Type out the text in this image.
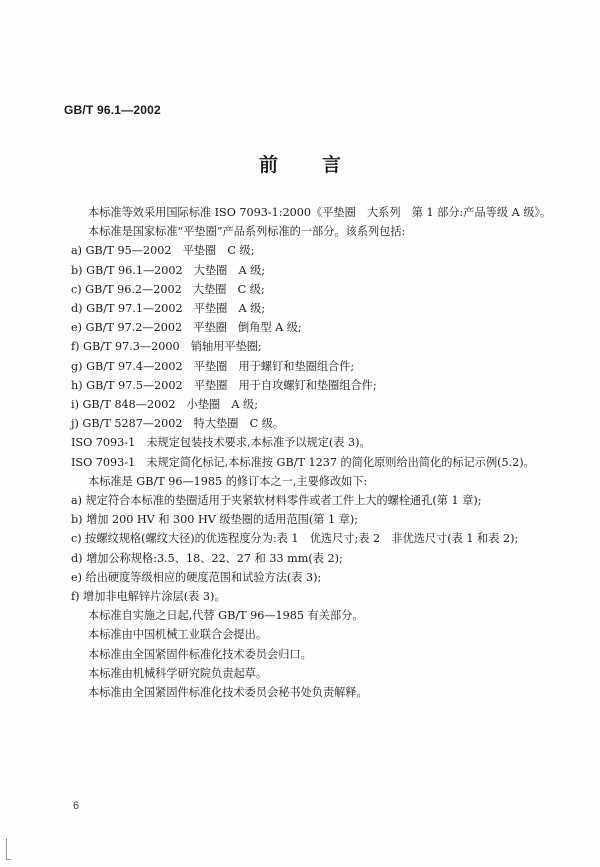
GB/T 96.1—2002
前 言
本标准等效采用国际标准 ISO 7093-1:2000《平垫圈　大系列　第 1 部分:产品等级 A 级》。
本标准是国家标准“平垫圈”产品系列标准的一部分。该系列包括:
a) GB/T 95—2002　平垫圈　C 级;
b) GB/T 96.1—2002　大垫圈　A 级;
c) GB/T 96.2—2002　大垫圈　C 级;
d) GB/T 97.1—2002　平垫圈　A 级;
e) GB/T 97.2—2002　平垫圈　倒角型 A 级;
f) GB/T 97.3—2000　销轴用平垫圈;
g) GB/T 97.4—2002　平垫圈　用于螺钉和垫圈组合件;
h) GB/T 97.5—2002　平垫圈　用于自攻螺钉和垫圈组合件;
i) GB/T 848—2002　小垫圈　A 级;
j) GB/T 5287—2002　特大垫圈　C 级。
ISO 7093-1　未规定包装技术要求,本标准予以规定(表 3)。
ISO 7093-1　未规定简化标记,本标准按 GB/T 1237 的简化原则给出简化的标记示例(5.2)。
本标准是 GB/T 96—1985 的修订本之一,主要修改如下:
a) 规定符合本标准的垫圈适用于夹紧软材料零件或者工件上大的螺栓通孔(第 1 章);
b) 增加 200 HV 和 300 HV 级垫圈的适用范围(第 1 章);
c) 按螺纹规格(螺纹大径)的优选程度分为:表 1　优选尺寸;表 2　非优选尺寸(表 1 和表 2);
d) 增加公称规格:3.5、18、22、27 和 33 mm(表 2);
e) 给出硬度等级相应的硬度范围和试验方法(表 3);
f) 增加非电解锌片涂层(表 3)。
本标准自实施之日起,代替 GB/T 96—1985 有关部分。
本标准由中国机械工业联合会提出。
本标准由全国紧固件标准化技术委员会归口。
本标准由机械科学研究院负责起草。
本标准由全国紧固件标准化技术委员会秘书处负责解释。
6
